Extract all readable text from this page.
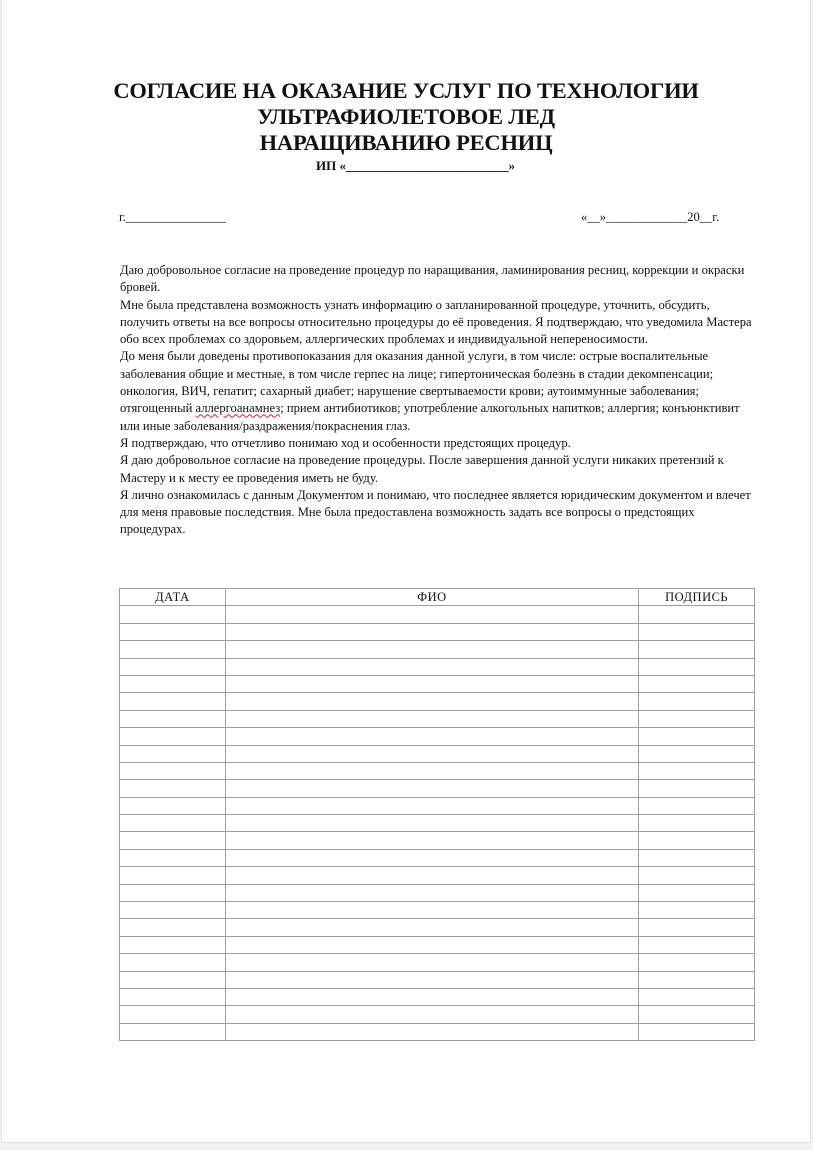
СОГЛАСИЕ НА ОКАЗАНИЕ УСЛУГ ПО ТЕХНОЛОГИИ
УЛЬТРАФИОЛЕТОВОЕ ЛЕД
НАРАЩИВАНИЮ РЕСНИЦ
ИП «_________________________»
г.________________	«__»_____________20__г.

Даю добровольное согласие на проведение процедур по наращивания, ламинирования ресниц, коррекции и окраски бровей.

Мне была представлена возможность узнать информацию о запланированной процедуре, уточнить, обсудить, получить ответы на все вопросы относительно процедуры до её проведения. Я подтверждаю, что уведомила Мастера обо всех проблемах со здоровьем, аллергических проблемах и индивидуальной непереносимости.

До меня были доведены противопоказания для оказания данной услуги, в том числе: острые воспалительные заболевания общие и местные, в том числе герпес на лице; гипертоническая болезнь в стадии декомпенсации; онкология, ВИЧ, гепатит; сахарный диабет; нарушение свертываемости крови; аутоиммунные заболевания; отягощенный аллергоанамнез; прием антибиотиков; употребление алкогольных напитков; аллергия; конъюнктивит или иные заболевания/раздражения/покраснения глаз.

Я подтверждаю, что отчетливо понимаю ход и особенности предстоящих процедур.

Я даю добровольное согласие на проведение процедуры. После завершения данной услуги никаких претензий к Мастеру и к месту ее проведения иметь не буду.

Я лично ознакомилась с данным Документом и понимаю, что последнее является юридическим документом и влечет для меня правовые последствия. Мне была предоставлена возможность задать все вопросы о предстоящих процедурах.

ДАТА	ФИО	ПОДПИСЬ
